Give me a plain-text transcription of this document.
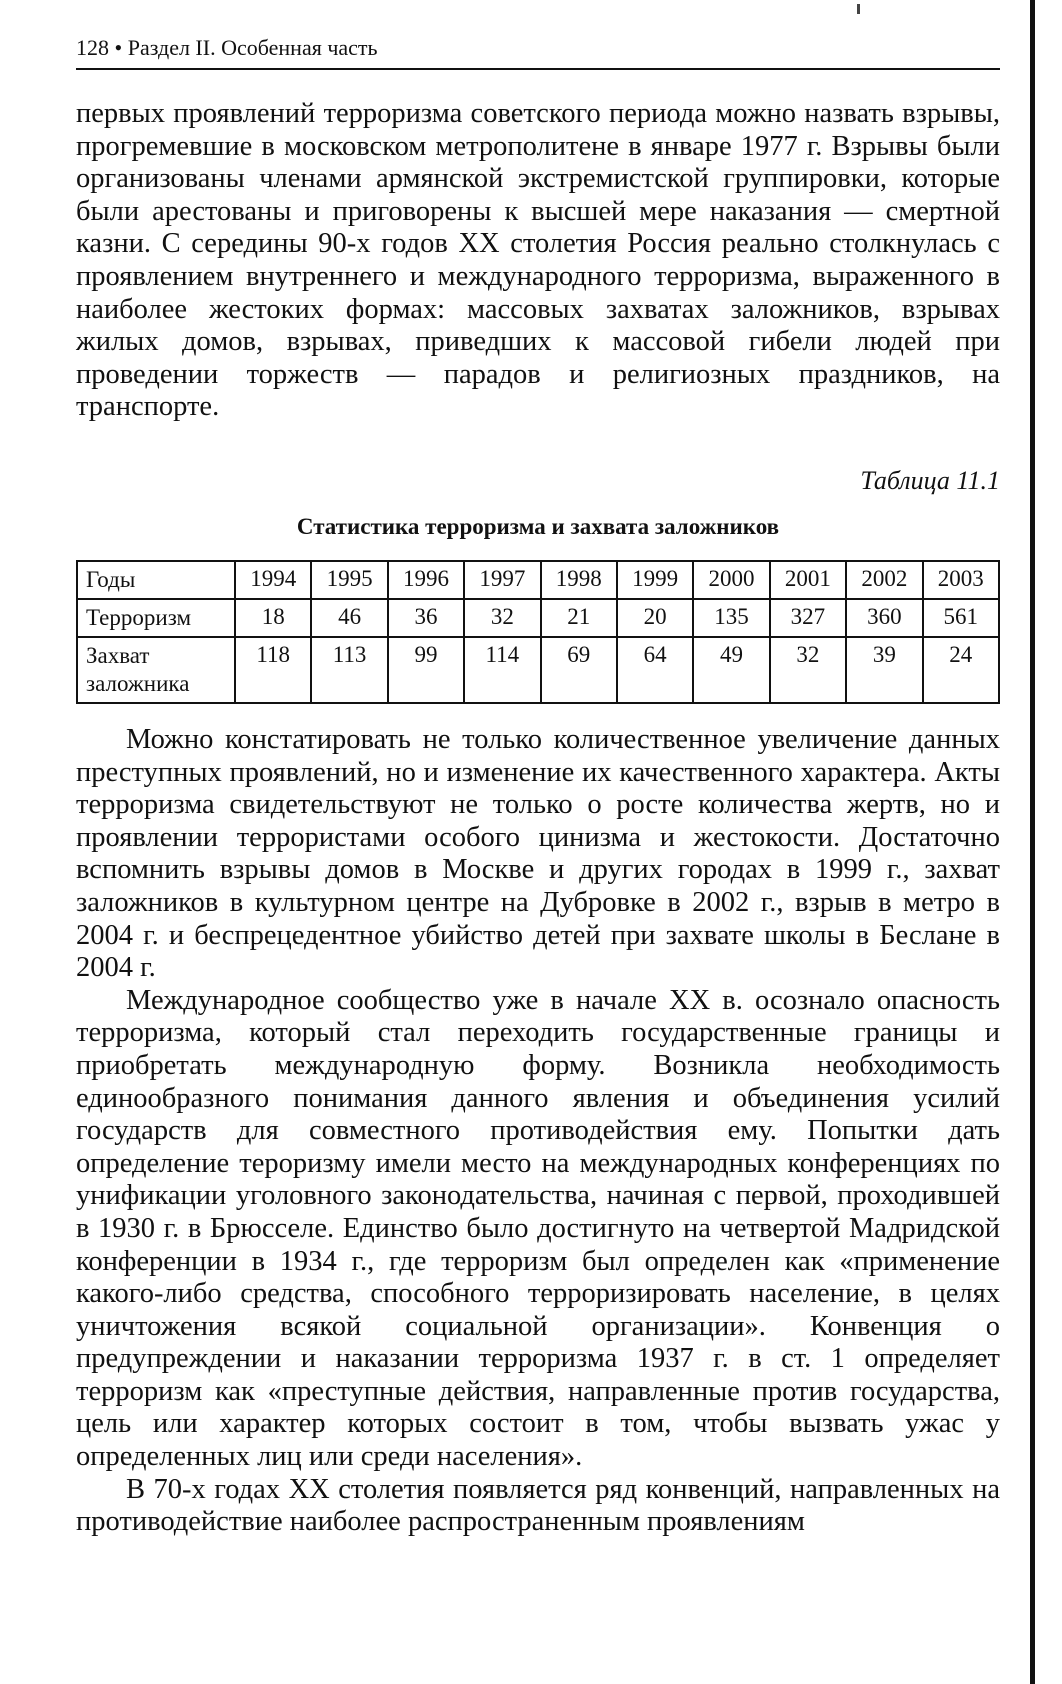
128 • Раздел II. Особенная часть

первых проявлений терроризма советского периода можно назвать взрывы, прогремевшие в московском метрополитене в январе 1977 г. Взрывы были организованы членами армянской экстремистской группировки, которые были арестованы и приговорены к высшей мере наказания — смертной казни. С середины 90-х годов XX столетия Россия реально столкнулась с проявлением внутреннего и международного терроризма, выраженного в наиболее жестоких формах: массовых захватах заложников, взрывах жилых домов, взрывах, приведших к массовой гибели людей при проведении торжеств — парадов и религиозных праздников, на транспорте.

Таблица 11.1
Статистика терроризма и захвата заложников
Годы	1994	1995	1996	1997	1998	1999	2000	2001	2002	2003
Терроризм	18	46	36	32	21	20	135	327	360	561
Захват заложника	118	113	99	114	69	64	49	32	39	24

Можно констатировать не только количественное увеличение данных преступных проявлений, но и изменение их качественного характера. Акты терроризма свидетельствуют не только о росте количества жертв, но и проявлении террористами особого цинизма и жестокости. Достаточно вспомнить взрывы домов в Москве и других городах в 1999 г., захват заложников в культурном центре на Дубровке в 2002 г., взрыв в метро в 2004 г. и беспрецедентное убийство детей при захвате школы в Беслане в 2004 г.

Международное сообщество уже в начале XX в. осознало опасность терроризма, который стал переходить государственные границы и приобретать международную форму. Возникла необходимость единообразного понимания данного явления и объединения усилий государств для совместного противодействия ему. Попытки дать определение тероризму имели место на международных конференциях по унификации уголовного законодательства, начиная с первой, проходившей в 1930 г. в Брюсселе. Единство было достигнуто на четвертой Мадридской конференции в 1934 г., где терроризм был определен как «применение какого-либо средства, способного терроризировать население, в целях уничтожения всякой социальной организации». Конвенция о предупреждении и наказании терроризма 1937 г. в ст. 1 определяет терроризм как «преступные действия, направленные против государства, цель или характер которых состоит в том, чтобы вызвать ужас у определенных лиц или среди населения».

В 70-х годах XX столетия появляется ряд конвенций, направленных на противодействие наиболее распространенным проявлениям
